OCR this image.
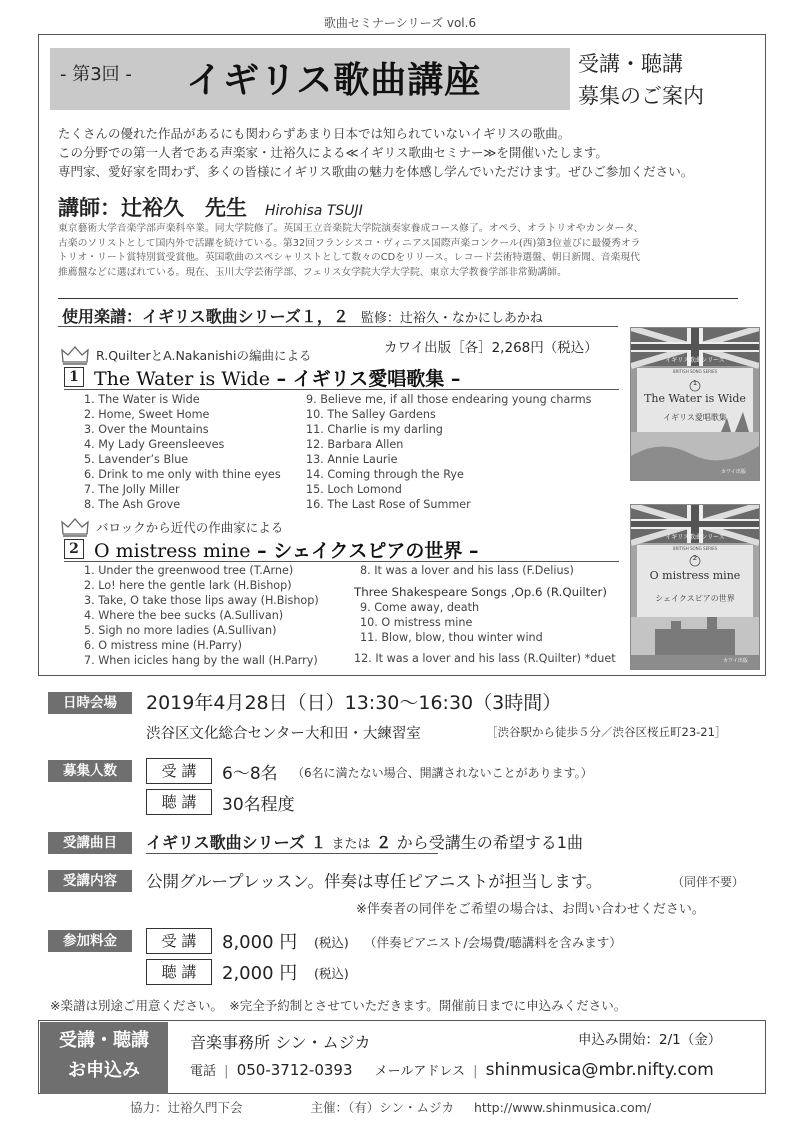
歌曲セミナーシリーズ vol.6
- 第3回 - イギリス歌曲講座	受講・聴講
募集のご案内
たくさんの優れた作品があるにも関わらずあまり日本では知られていないイギリスの歌曲。
この分野での第一人者である声楽家・辻裕久による≪イギリス歌曲セミナー≫を開催いたします。
専門家、愛好家を問わず、多くの皆様にイギリス歌曲の魅力を体感し学んでいただけます。ぜひご参加ください。
講師：辻裕久　先生 Hirohisa TSUJI
東京藝術大学音楽学部声楽科卒業。同大学院修了。英国王立音楽院大学院演奏家養成コース修了。オペラ、オラトリオやカンタータ、
古楽のソリストとして国内外で活躍を続けている。第32回フランシスコ・ヴィニアス国際声楽コンクール(西)第3位並びに最優秀オラ
トリオ・リート賞特別賞受賞他。英国歌曲のスペシャリストとして数々のCDをリリース。レコード芸術特選盤、朝日新聞、音楽現代
推薦盤などに選ばれている。現在、玉川大学芸術学部、フェリス女学院大学大学院、東京大学教養学部非常勤講師。
使用楽譜：イギリス歌曲シリーズ１，２ 監修：辻裕久・なかにしあかね
カワイ出版［各］2,268円（税込）
R.QuilterとA.Nakanishiの編曲による
1 The Water is Wide – イギリス愛唱歌集 –
1. The Water is Wide
2. Home, Sweet Home
3. Over the Mountains
4. My Lady Greensleeves
5. Lavender’s Blue
6. Drink to me only with thine eyes
7. The Jolly Miller
8. The Ash Grove
9. Believe me, if all those endearing young charms
10. The Salley Gardens
11. Charlie is my darling
12. Barbara Allen
13. Annie Laurie
14. Coming through the Rye
15. Loch Lomond
16. The Last Rose of Summer
イギリス歌曲シリーズ
BRITISH SONG SERIES
1
The Water is Wide
イギリス愛唱歌集
カワイ出版
バロックから近代の作曲家による
2 O mistress mine – シェイクスピアの世界 –
1. Under the greenwood tree (T.Arne)
2. Lo! here the gentle lark (H.Bishop)
3. Take, O take those lips away (H.Bishop)
4. Where the bee sucks (A.Sullivan)
5. Sigh no more ladies (A.Sullivan)
6. O mistress mine (H.Parry)
7. When icicles hang by the wall (H.Parry)
8. It was a lover and his lass (F.Delius)
Three Shakespeare Songs ,Op.6 (R.Quilter)
9. Come away, death
10. O mistress mine
11. Blow, blow, thou winter wind
12. It was a lover and his lass (R.Quilter) *duet
イギリス歌曲シリーズ
BRITISH SONG SERIES
2
O mistress mine
シェイクスピアの世界
カワイ出版
日時会場	2019年4月28日（日）13:30〜16:30（3時間）
渋谷区文化総合センター大和田・大練習室	［渋谷駅から徒歩５分／渋谷区桜丘町23-21］
募集人数	受 講	6〜8名 （6名に満たない場合、開講されないことがあります。）
聴 講	30名程度
受講曲目	イギリス歌曲シリーズ １ または ２ から受講生の希望する1曲
受講内容	公開グループレッスン。伴奏は専任ピアニストが担当します。	（同伴不要）
※伴奏者の同伴をご希望の場合は、お問い合わせください。
参加料金	受 講	8,000 円 (税込) （伴奏ピアニスト/会場費/聴講料を含みます）
聴 講	2,000 円 (税込)
※楽譜は別途ご用意ください。　※完全予約制とさせていただきます。開催前日までに申込みください。
受講・聴講
お申込み
音楽事務所 シン・ムジカ	申込み開始：2/1（金）
電話 | 050-3712-0393 メールアドレス | shinmusica@mbr.nifty.com
協力：辻裕久門下会	主催：（有）シン・ムジカ http://www.shinmusica.com/
